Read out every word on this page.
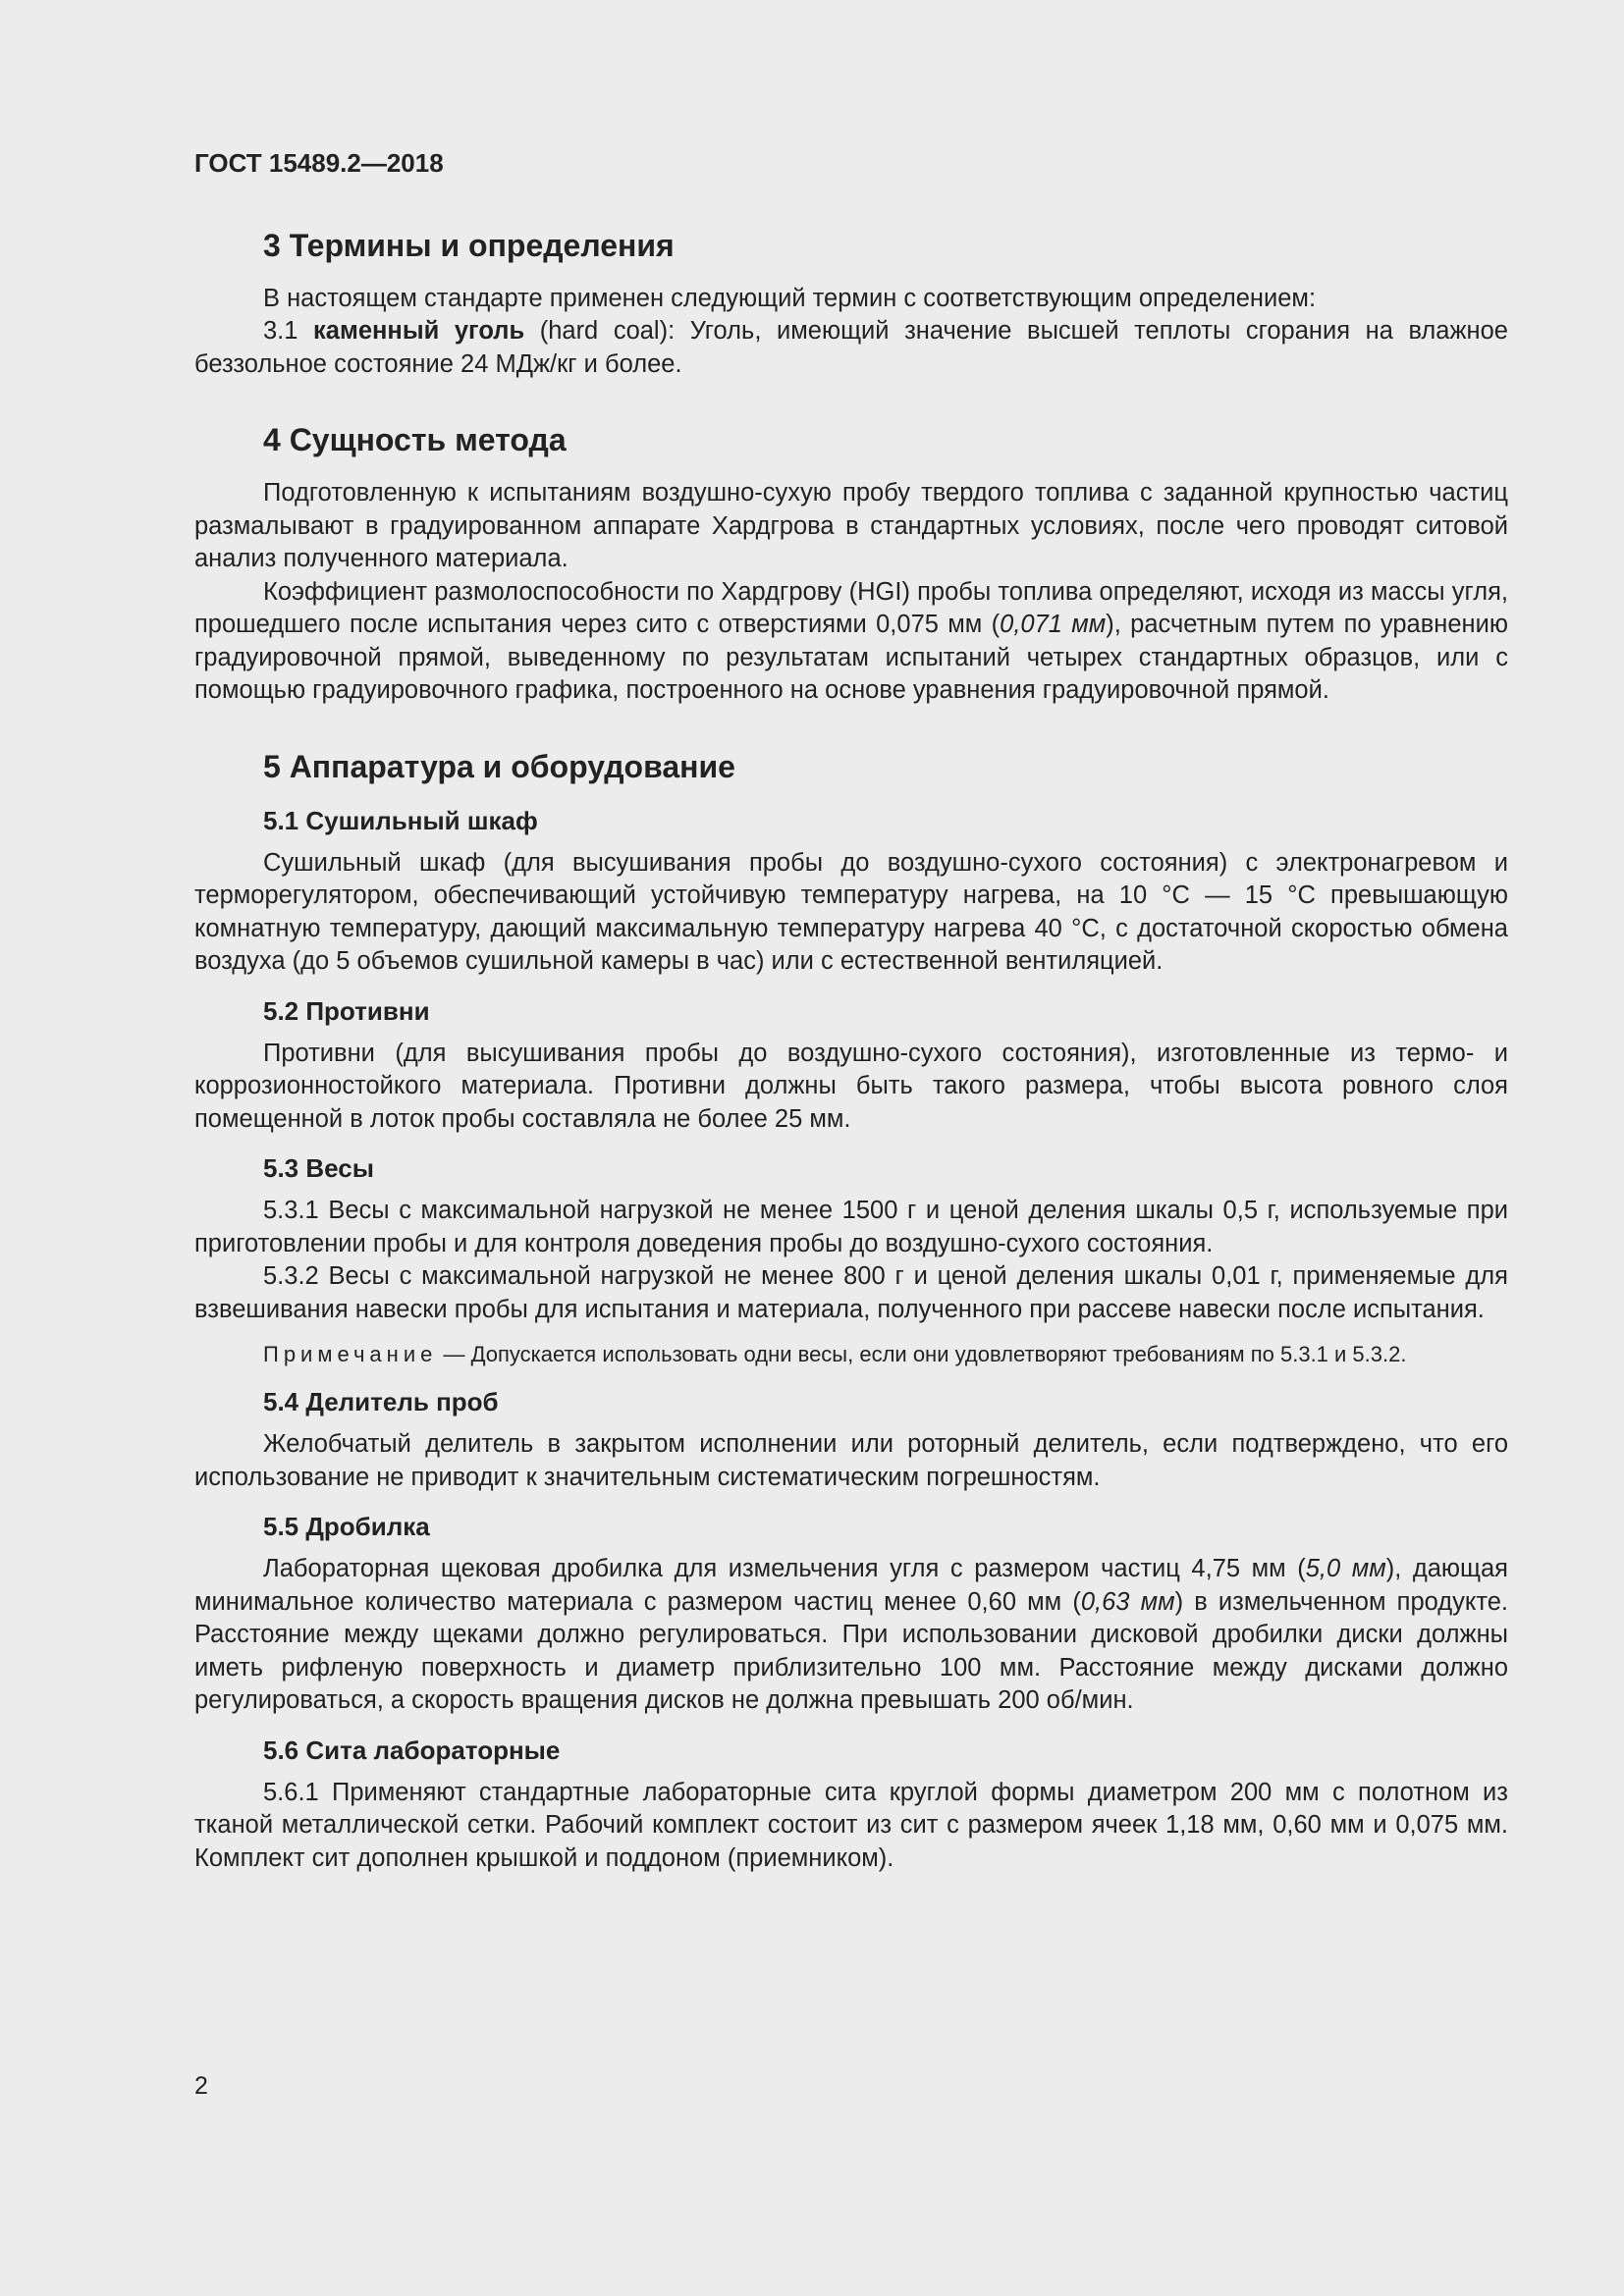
ГОСТ 15489.2—2018
3 Термины и определения

В настоящем стандарте применен следующий термин с соответствующим определением:

3.1 каменный уголь (hard coal): Уголь, имеющий значение высшей теплоты сгорания на влажное беззольное состояние 24 МДж/кг и более.

4 Сущность метода

Подготовленную к испытаниям воздушно-сухую пробу твердого топлива с заданной крупностью частиц размалывают в градуированном аппарате Хардгрова в стандартных условиях, после чего проводят ситовой анализ полученного материала.

Коэффициент размолоспособности по Хардгрову (HGI) пробы топлива определяют, исходя из массы угля, прошедшего после испытания через сито с отверстиями 0,075 мм (0,071 мм), расчетным путем по уравнению градуировочной прямой, выведенному по результатам испытаний четырех стандартных образцов, или с помощью градуировочного графика, построенного на основе уравнения градуировочной прямой.

5 Аппаратура и оборудование
5.1 Сушильный шкаф

Сушильный шкаф (для высушивания пробы до воздушно-сухого состояния) с электронагревом и терморегулятором, обеспечивающий устойчивую температуру нагрева, на 10 °С — 15 °С превышающую комнатную температуру, дающий максимальную температуру нагрева 40 °С, с достаточной скоростью обмена воздуха (до 5 объемов сушильной камеры в час) или с естественной вентиляцией.

5.2 Противни

Противни (для высушивания пробы до воздушно-сухого состояния), изготовленные из термо- и коррозионностойкого материала. Противни должны быть такого размера, чтобы высота ровного слоя помещенной в лоток пробы составляла не более 25 мм.

5.3 Весы

5.3.1 Весы с максимальной нагрузкой не менее 1500 г и ценой деления шкалы 0,5 г, используемые при приготовлении пробы и для контроля доведения пробы до воздушно-сухого состояния.

5.3.2 Весы с максимальной нагрузкой не менее 800 г и ценой деления шкалы 0,01 г, применяемые для взвешивания навески пробы для испытания и материала, полученного при рассеве навески после испытания.

Примечание — Допускается использовать одни весы, если они удовлетворяют требованиям по 5.3.1 и 5.3.2.
5.4 Делитель проб

Желобчатый делитель в закрытом исполнении или роторный делитель, если подтверждено, что его использование не приводит к значительным систематическим погрешностям.

5.5 Дробилка

Лабораторная щековая дробилка для измельчения угля с размером частиц 4,75 мм (5,0 мм), дающая минимальное количество материала с размером частиц менее 0,60 мм (0,63 мм) в измельченном продукте. Расстояние между щеками должно регулироваться. При использовании дисковой дробилки диски должны иметь рифленую поверхность и диаметр приблизительно 100 мм. Расстояние между дисками должно регулироваться, а скорость вращения дисков не должна превышать 200 об/мин.

5.6 Сита лабораторные

5.6.1 Применяют стандартные лабораторные сита круглой формы диаметром 200 мм с полотном из тканой металлической сетки. Рабочий комплект состоит из сит с размером ячеек 1,18 мм, 0,60 мм и 0,075 мм. Комплект сит дополнен крышкой и поддоном (приемником).

2
